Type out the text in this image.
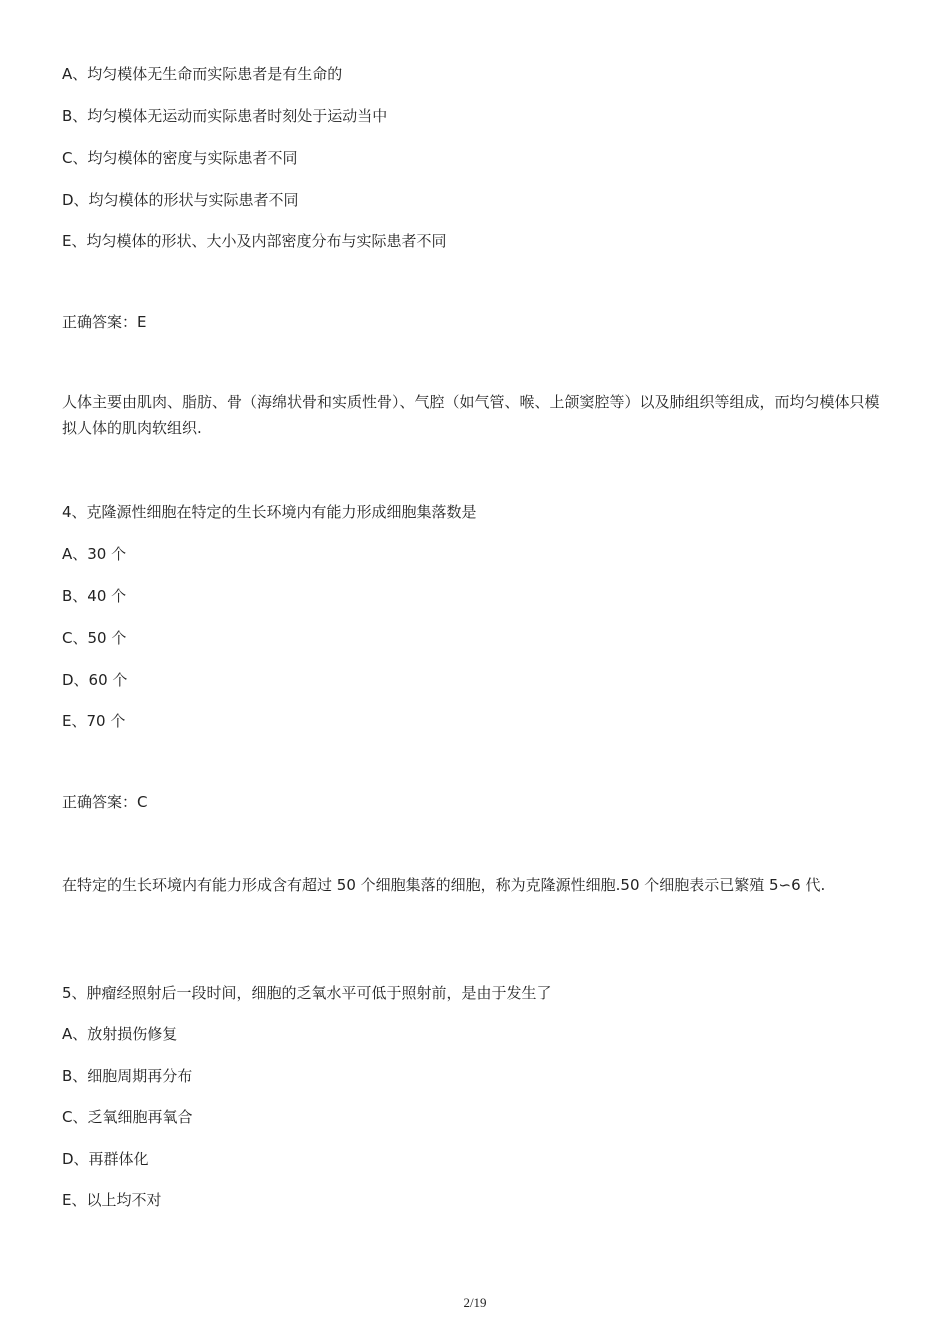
A、均匀模体无生命而实际患者是有生命的
B、均匀模体无运动而实际患者时刻处于运动当中
C、均匀模体的密度与实际患者不同
D、均匀模体的形状与实际患者不同
E、均匀模体的形状、大小及内部密度分布与实际患者不同
正确答案：E
人体主要由肌肉、脂肪、骨（海绵状骨和实质性骨）、气腔（如气管、喉、上颌窦腔等）以及肺组织等组成，而均匀模体只模拟人体的肌肉软组织.
4、克隆源性细胞在特定的生长环境内有能力形成细胞集落数是
A、30 个
B、40 个
C、50 个
D、60 个
E、70 个
正确答案：C
在特定的生长环境内有能力形成含有超过 50 个细胞集落的细胞，称为克隆源性细胞.50 个细胞表示已繁殖 5∽6 代.
5、肿瘤经照射后一段时间，细胞的乏氧水平可低于照射前，是由于发生了
A、放射损伤修复
B、细胞周期再分布
C、乏氧细胞再氧合
D、再群体化
E、以上均不对
2/19
